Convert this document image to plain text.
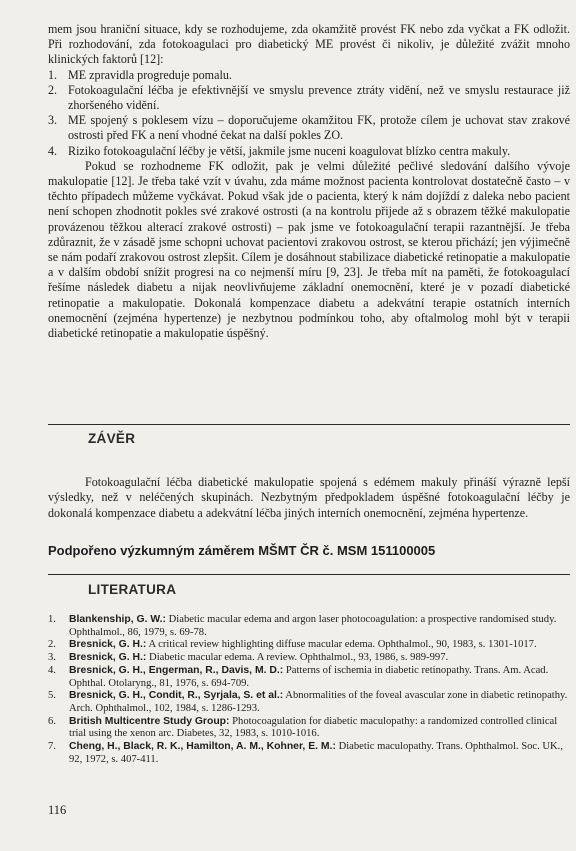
mem jsou hraniční situace, kdy se rozhodujeme, zda okamžitě provést FK nebo zda vyčkat a FK odložit. Při rozhodování, zda fotokoagulaci pro diabetický ME provést či nikoliv, je důležité zvážit mnoho klinických faktorů [12]:

1. ME zpravidla progreduje pomalu.
2. Fotokoagulační léčba je efektivnější ve smyslu prevence ztráty vidění, než ve smyslu restaurace již zhoršeného vidění.
3. ME spojený s poklesem vízu – doporučujeme okamžitou FK, protože cílem je uchovat stav zrakové ostrosti před FK a není vhodné čekat na další pokles ZO.
4. Riziko fotokoagulační léčby je větší, jakmile jsme nuceni koagulovat blízko centra makuly.

Pokud se rozhodneme FK odložit, pak je velmi důležité pečlivé sledování dalšího vývoje makulopatie [12]. Je třeba také vzít v úvahu, zda máme možnost pacienta kontrolovat dostatečně často – v těchto případech můžeme vyčkávat. Pokud však jde o pacienta, který k nám dojíždí z daleka nebo pacient není schopen zhodnotit pokles své zrakové ostrosti (a na kontrolu přijede až s obrazem těžké makulopatie provázenou těžkou alterací zrakové ostrosti) – pak jsme ve fotokoagulační terapii razantnější. Je třeba zdůraznit, že v zásadě jsme schopni uchovat pacientovi zrakovou ostrost, se kterou přichází; jen výjimečně se nám podaří zrakovou ostrost zlepšit. Cílem je dosáhnout stabilizace diabetické retinopatie a makulopatie a v dalším období snížit progresi na co nejmenší míru [9, 23]. Je třeba mít na paměti, že fotokoagulací řešíme následek diabetu a nijak neovlivňujeme základní onemocnění, které je v pozadí diabetické retinopatie a makulopatie. Dokonalá kompenzace diabetu a adekvátní terapie ostatních interních onemocnění (zejména hypertenze) je nezbytnou podmínkou toho, aby oftalmolog mohl být v terapii diabetické retinopatie a makulopatie úspěšný.

ZÁVĚR

Fotokoagulační léčba diabetické makulopatie spojená s edémem makuly přináší výrazně lepší výsledky, než v neléčených skupinách. Nezbytným předpokladem úspěšné fotokoagulační léčby je dokonalá kompenzace diabetu a adekvátní léčba jiných interních onemocnění, zejména hypertenze.

Podpořeno výzkumným záměrem MŠMT ČR č. MSM 151100005
LITERATURA
1. Blankenship, G. W.: Diabetic macular edema and argon laser photocoagulation: a prospective randomised study. Ophthalmol., 86, 1979, s. 69-78.
2. Bresnick, G. H.: A critical review highlighting diffuse macular edema. Ophthalmol., 90, 1983, s. 1301-1017.
3. Bresnick, G. H.: Diabetic macular edema. A review. Ophthalmol., 93, 1986, s. 989-997.
4. Bresnick, G. H., Engerman, R., Davis, M. D.: Patterns of ischemia in diabetic retinopathy. Trans. Am. Acad. Ophthal. Otolaryng., 81, 1976, s. 694-709.
5. Bresnick, G. H., Condit, R., Syrjala, S. et al.: Abnormalities of the foveal avascular zone in diabetic retinopathy. Arch. Ophthalmol., 102, 1984, s. 1286-1293.
6. British Multicentre Study Group: Photocoagulation for diabetic maculopathy: a randomized controlled clinical trial using the xenon arc. Diabetes, 32, 1983, s. 1010-1016.
7. Cheng, H., Black, R. K., Hamilton, A. M., Kohner, E. M.: Diabetic maculopathy. Trans. Ophthalmol. Soc. UK., 92, 1972, s. 407-411.
116
